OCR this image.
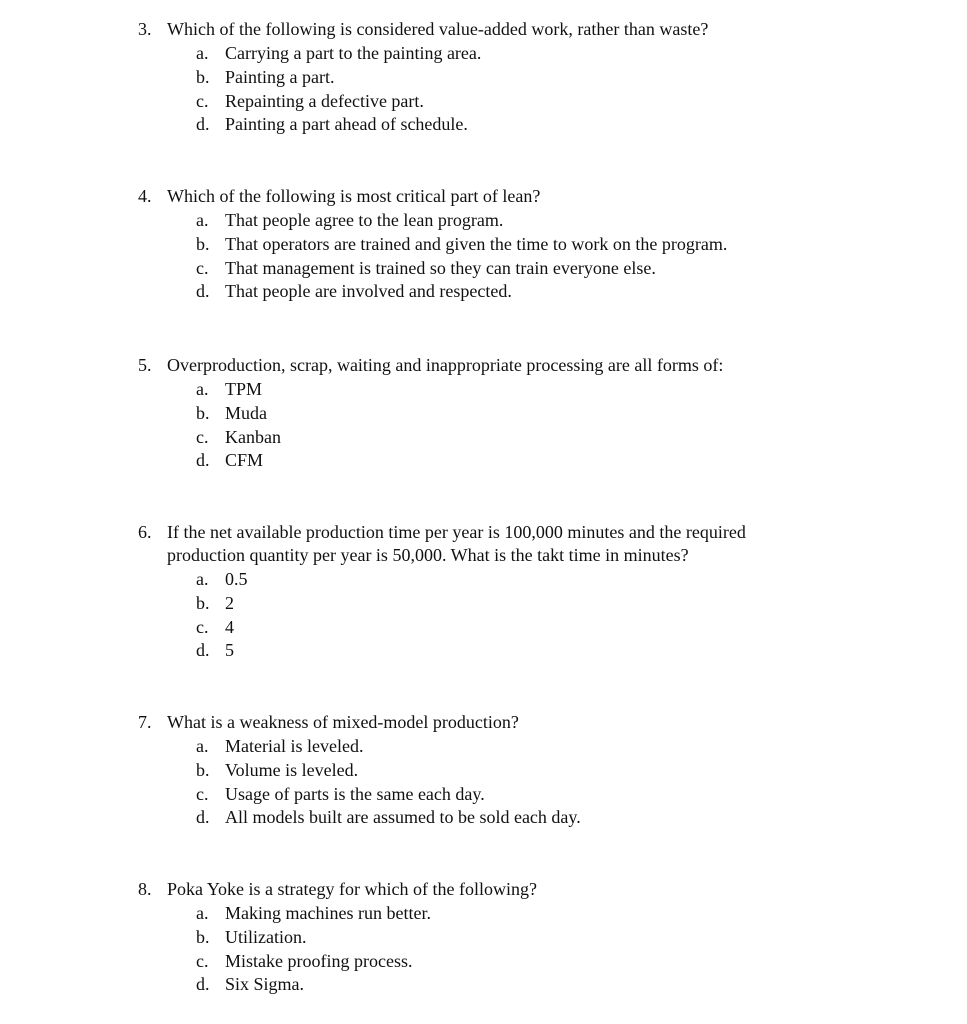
3. Which of the following is considered value-added work, rather than waste?
a. Carrying a part to the painting area.
b. Painting a part.
c. Repainting a defective part.
d. Painting a part ahead of schedule.
4. Which of the following is most critical part of lean?
a. That people agree to the lean program.
b. That operators are trained and given the time to work on the program.
c. That management is trained so they can train everyone else.
d. That people are involved and respected.
5. Overproduction, scrap, waiting and inappropriate processing are all forms of:
a. TPM
b. Muda
c. Kanban
d. CFM
6. If the net available production time per year is 100,000 minutes and the required
production quantity per year is 50,000. What is the takt time in minutes?
a. 0.5
b. 2
c. 4
d. 5
7. What is a weakness of mixed-model production?
a. Material is leveled.
b. Volume is leveled.
c. Usage of parts is the same each day.
d. All models built are assumed to be sold each day.
8. Poka Yoke is a strategy for which of the following?
a. Making machines run better.
b. Utilization.
c. Mistake proofing process.
d. Six Sigma.
